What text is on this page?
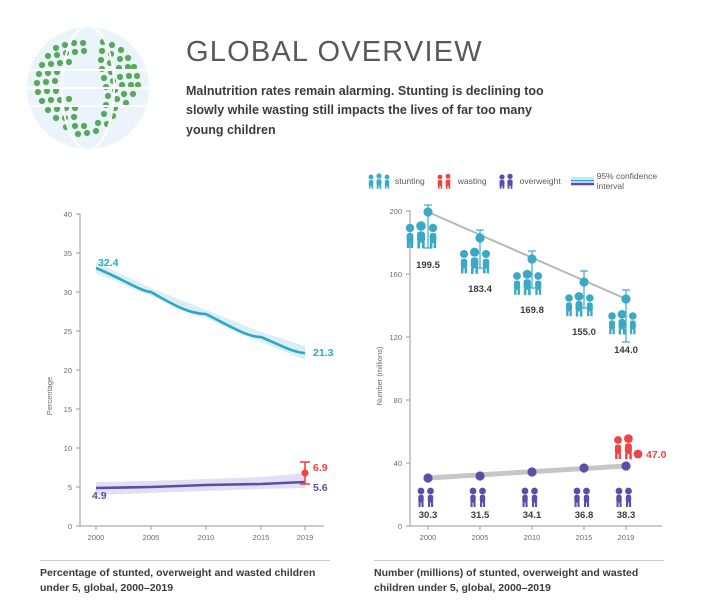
GLOBAL OVERVIEW
Malnutrition rates remain alarming. Stunting is declining too slowly while wasting still impacts the lives of far too many young children
stunting	wasting	overweight	95% confidence interval
0
5
10
15
20
25
30
35
40
2000	2005	2010	2015	2019
Percentage
32.4
21.3
4.9
5.6
6.9
0
40
80
120
160
200
2000	2005	2010	2015	2019
Number (millions)
199.5
183.4
169.8
155.0
144.0
47.0
30.3	31.5	34.1	36.8 38.3
Percentage of stunted, overweight and wasted children under 5, global, 2000–2019
Number (millions) of stunted, overweight and wasted children under 5, global, 2000–2019
